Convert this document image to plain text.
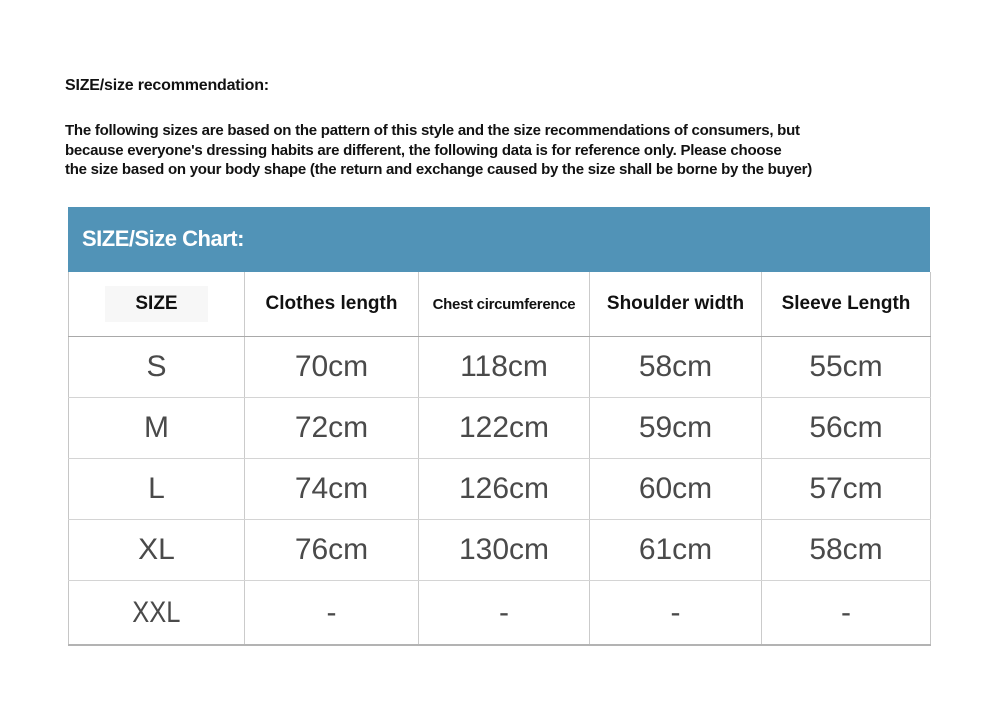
SIZE/size recommendation:
The following sizes are based on the pattern of this style and the size recommendations of consumers, but
because everyone's dressing habits are different, the following data is for reference only. Please choose
the size based on your body shape (the return and exchange caused by the size shall be borne by the buyer)
SIZE/Size Chart:
SIZE	Clothes length	Chest circumference	Shoulder width	Sleeve Length
S	70cm	118cm	58cm	55cm
M	72cm	122cm	59cm	56cm
L	74cm	126cm	60cm	57cm
XL	76cm	130cm	61cm	58cm
XXL	-	-	-	-
